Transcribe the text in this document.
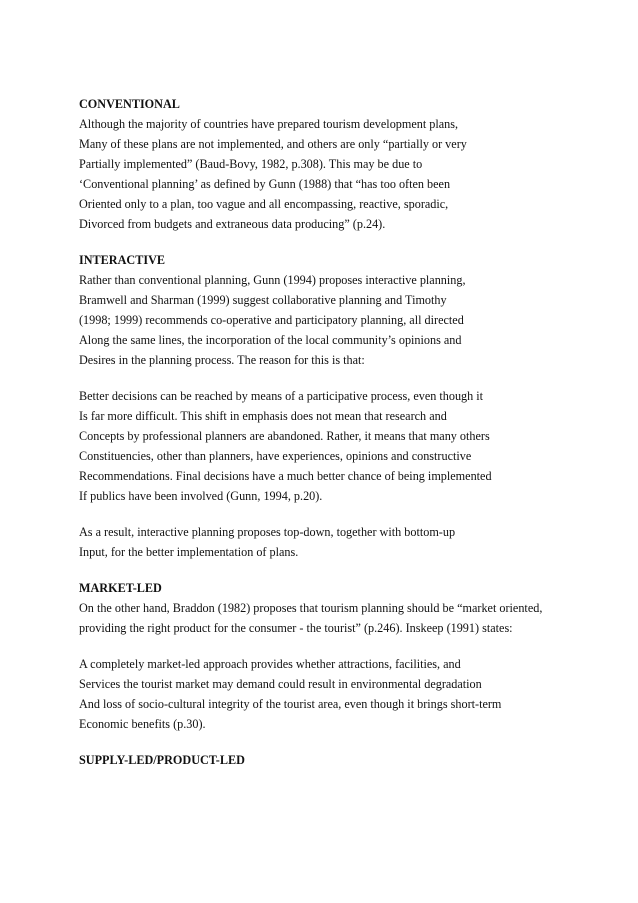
CONVENTIONAL
Although the majority of countries have prepared tourism development plans,
Many of these plans are not implemented, and others are only “partially or very
Partially implemented” (Baud-Bovy, 1982, p.308). This may be due to
‘Conventional planning’ as defined by Gunn (1988) that “has too often been
Oriented only to a plan, too vague and all encompassing, reactive, sporadic,
Divorced from budgets and extraneous data producing” (p.24).
INTERACTIVE
Rather than conventional planning, Gunn (1994) proposes interactive planning,
Bramwell and Sharman (1999) suggest collaborative planning and Timothy
(1998; 1999) recommends co-operative and participatory planning, all directed
Along the same lines, the incorporation of the local community’s opinions and
Desires in the planning process. The reason for this is that:
Better decisions can be reached by means of a participative process, even though it
Is far more difficult. This shift in emphasis does not mean that research and
Concepts by professional planners are abandoned. Rather, it means that many others
Constituencies, other than planners, have experiences, opinions and constructive
Recommendations. Final decisions have a much better chance of being implemented
If publics have been involved (Gunn, 1994, p.20).
As a result, interactive planning proposes top-down, together with bottom-up
Input, for the better implementation of plans.
MARKET-LED
On the other hand, Braddon (1982) proposes that tourism planning should be “market oriented,
providing the right product for the consumer - the tourist” (p.246). Inskeep (1991) states:
A completely market-led approach provides whether attractions, facilities, and
Services the tourist market may demand could result in environmental degradation
And loss of socio-cultural integrity of the tourist area, even though it brings short-term
Economic benefits (p.30).
SUPPLY-LED/PRODUCT-LED
